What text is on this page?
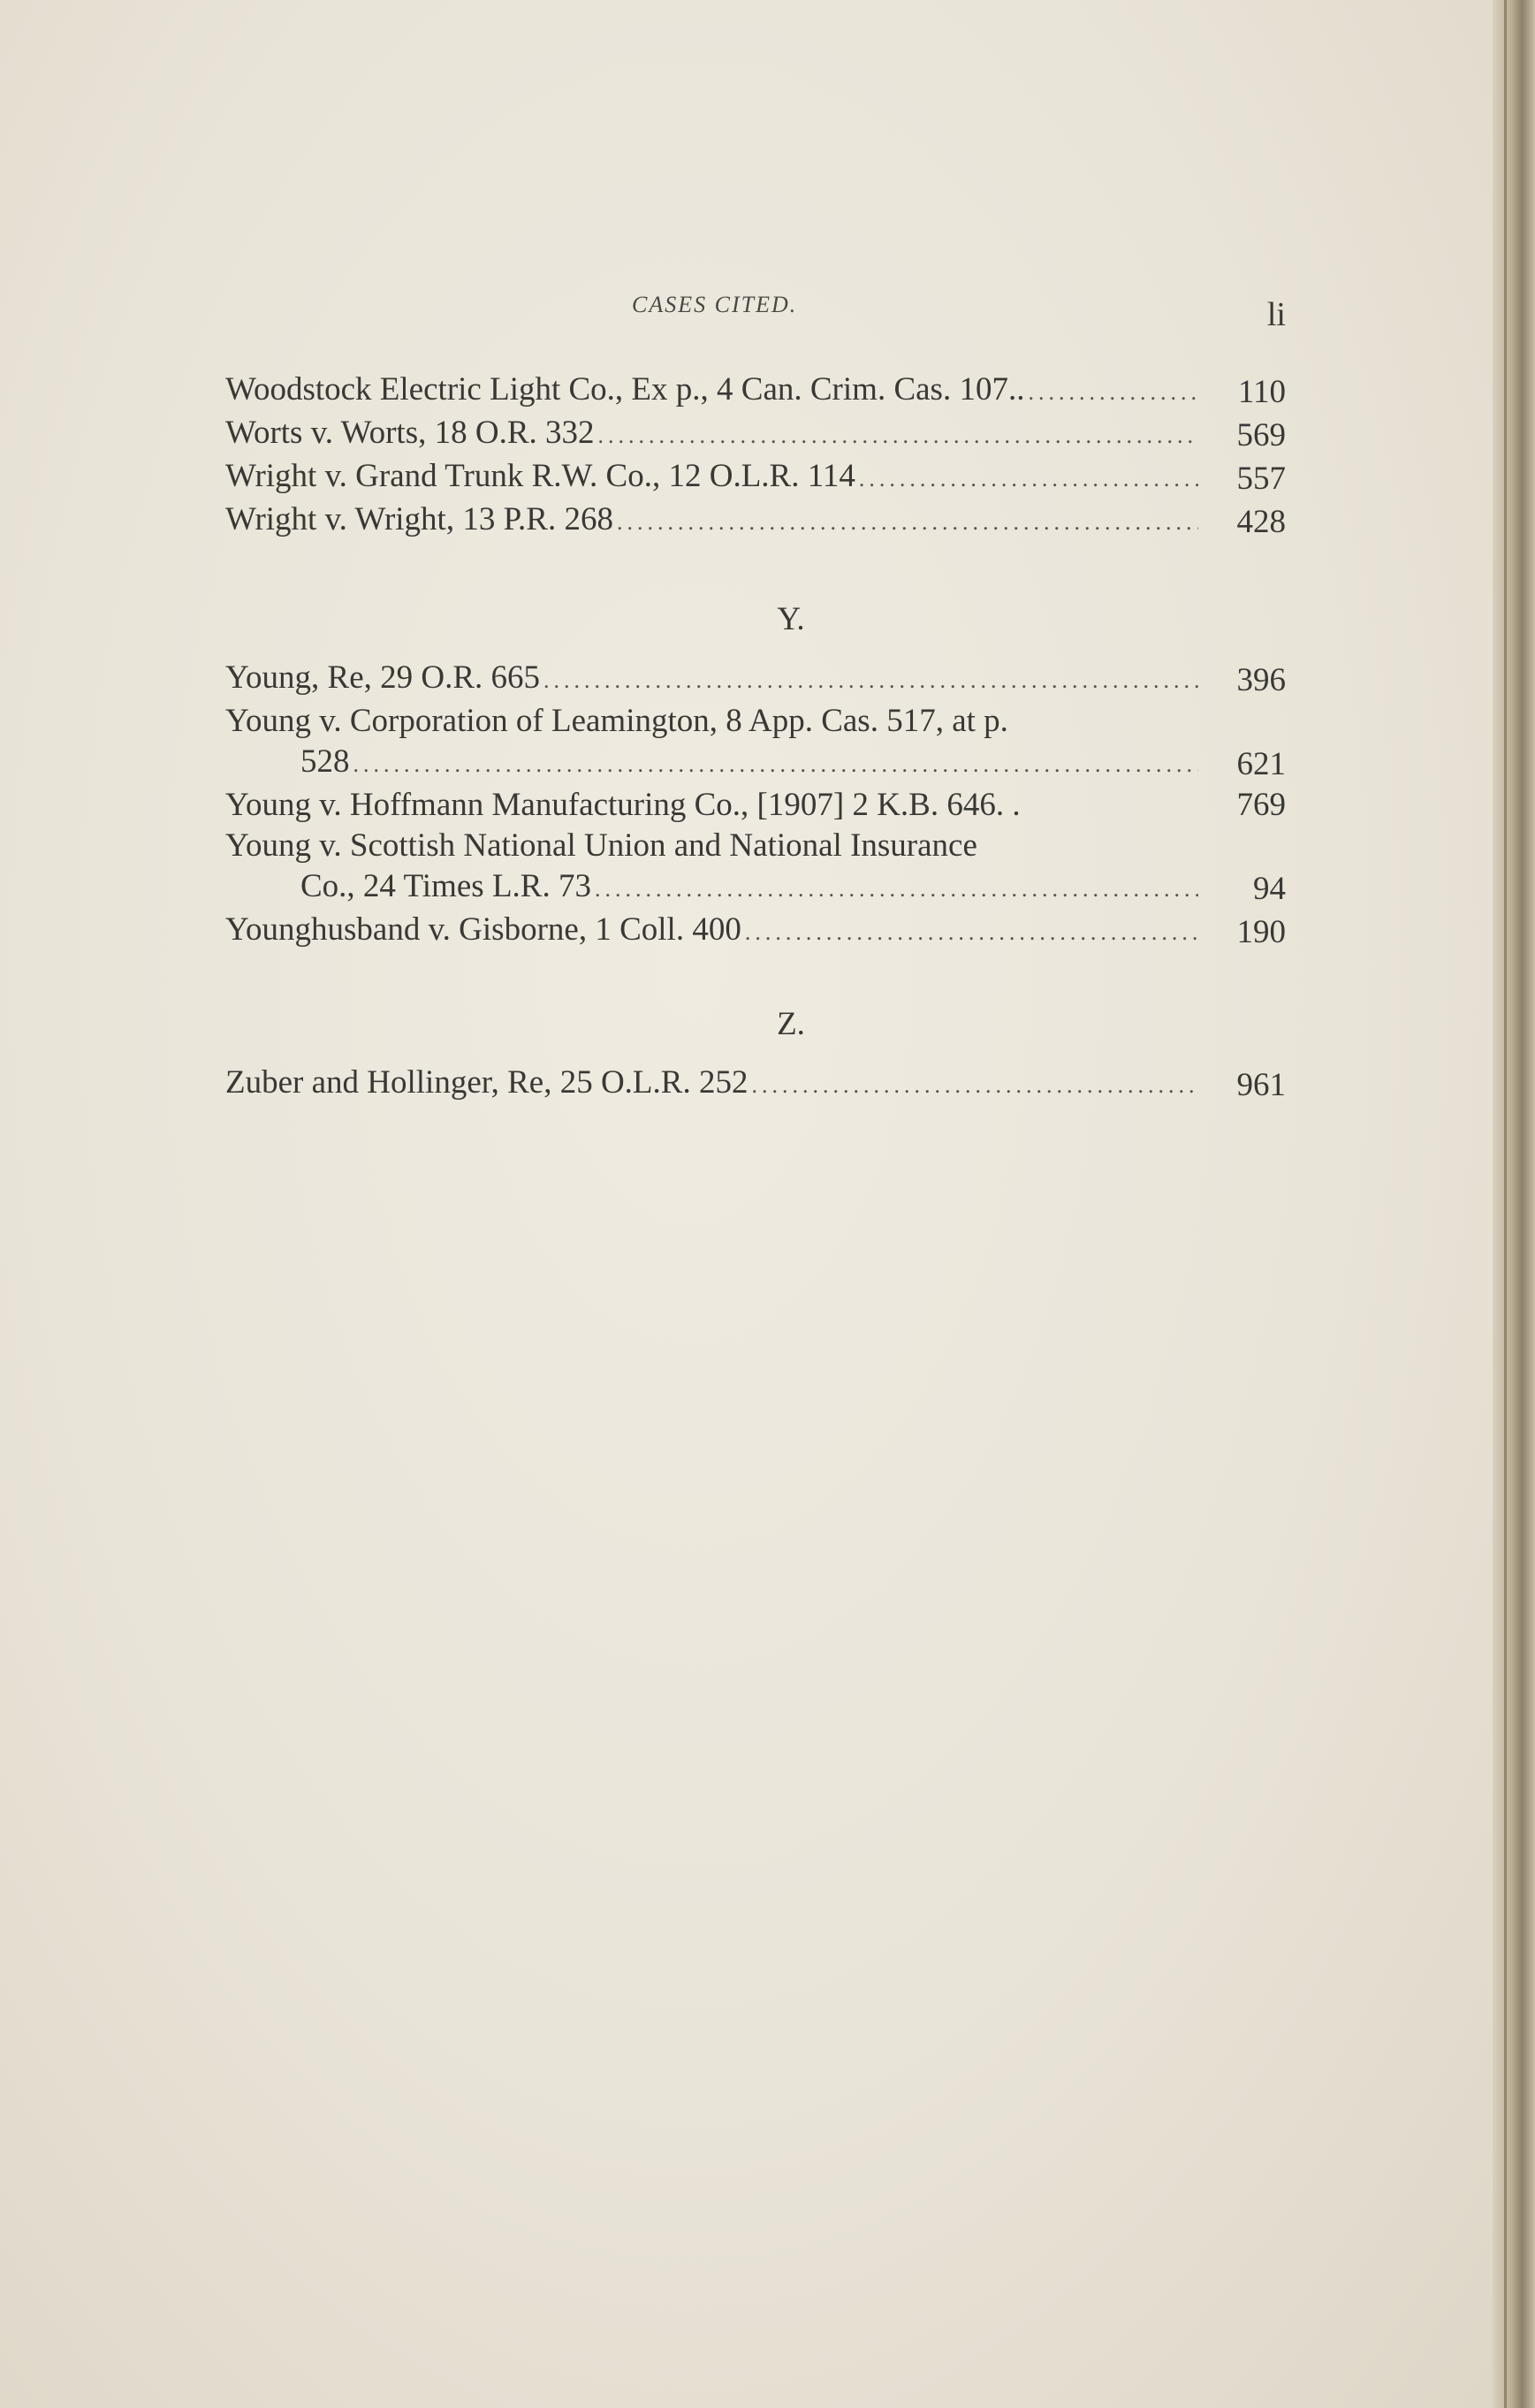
CASES CITED.	li
Woodstock Electric Light Co., Ex p., 4 Can. Crim. Cas. 107.. .....	110
Worts v. Worts, 18 O.R. 332 .....	569
Wright v. Grand Trunk R.W. Co., 12 O.L.R. 114 .....	557
Wright v. Wright, 13 P.R. 268 .....	428
Y.
Young, Re, 29 O.R. 665 .....	396
Young v. Corporation of Leamington, 8 App. Cas. 517, at p.
528 .....	621
Young v. Hoffmann Manufacturing Co., [1907] 2 K.B. 646. .	769
Young v. Scottish National Union and National Insurance
Co., 24 Times L.R. 73 .....	94
Younghusband v. Gisborne, 1 Coll. 400 .....	190
Z.
Zuber and Hollinger, Re, 25 O.L.R. 252 .....	961
